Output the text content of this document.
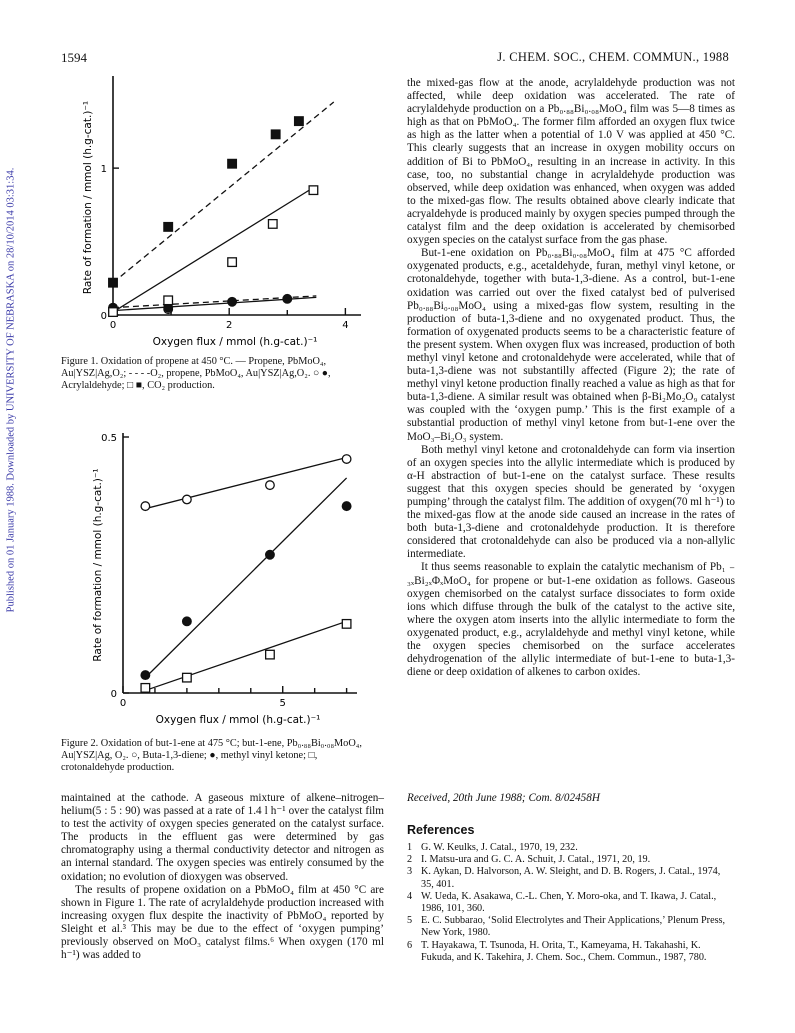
Published on 01 January 1988. Downloaded by UNIVERSITY OF NEBRASKA on 28/10/2014 03:31:34.
1594	J. CHEM. SOC., CHEM. COMMUN., 1988
0	2	4
0
1
Oxygen flux / mmol (h.g-cat.)⁻¹
Rate of formation / mmol (h.g-cat.)⁻¹
Figure 1. Oxidation of propene at 450 °C. — Propene, PbMoO₄, Au|YSZ|Ag,O₂; - - - -O₂, propene, PbMoO₄, Au|YSZ|Ag,O₂. ○ ●, Acrylaldehyde; □ ■, CO₂ production.
0	5
0
0.5
Oxygen flux / mmol (h.g-cat.)⁻¹
Rate of formation / mmol (h.g-cat.)⁻¹
Figure 2. Oxidation of but-1-ene at 475 °C; but-1-ene, Pb₀.₈₈Bi₀.₀₈MoO₄, Au|YSZ|Ag, O₂. ○, Buta-1,3-diene; ●, methyl vinyl ketone; □, crotonaldehyde production.

maintained at the cathode. A gaseous mixture of alkene–nitrogen–helium(5 : 5 : 90) was passed at a rate of 1.4 l h⁻¹ over the catalyst film to test the activity of oxygen species generated on the catalyst surface. The products in the effluent gas were determined by gas chromatography using a thermal conductivity detector and nitrogen as an internal standard. The oxygen species was entirely consumed by the oxidation; no evolution of dioxygen was observed.

The results of propene oxidation on a PbMoO₄ film at 450 °C are shown in Figure 1. The rate of acrylaldehyde production increased with increasing oxygen flux despite the inactivity of PbMoO₄ reported by Sleight et al.³ This may be due to the effect of ‘oxygen pumping’ previously observed on MoO₃ catalyst films.⁶ When oxygen (170 ml h⁻¹) was added to

the mixed-gas flow at the anode, acrylaldehyde production was not affected, while deep oxidation was accelerated. The rate of acrylaldehyde production on a Pb₀.₈₈Bi₀.₀₈MoO₄ film was 5—8 times as high as that on PbMoO₄. The former film afforded an oxygen flux twice as high as the latter when a potential of 1.0 V was applied at 450 °C. This clearly suggests that an increase in oxygen mobility occurs on addition of Bi to PbMoO₄, resulting in an increase in activity. In this case, too, no substantial change in acrylaldehyde production was observed, while deep oxidation was enhanced, when oxygen was added to the mixed-gas flow. The results obtained above clearly indicate that acryaldehyde is produced mainly by oxygen species pumped through the catalyst film and the deep oxidation is accelerated by chemisorbed oxygen species on the catalyst surface from the gas phase.

But-1-ene oxidation on Pb₀.₈₈Bi₀.₀₈MoO₄ film at 475 °C afforded oxygenated products, e.g., acetaldehyde, furan, methyl vinyl ketone, or crotonaldehyde, together with buta-1,3-diene. As a control, but-1-ene oxidation was carried out over the fixed catalyst bed of pulverised Pb₀.₈₈Bi₀.₀₈MoO₄ using a mixed-gas flow system, resulting in the production of buta-1,3-diene and no oxygenated product. Thus, the formation of oxygenated products seems to be a characteristic feature of the present system. When oxygen flux was increased, production of both methyl vinyl ketone and crotonaldehyde were accelerated, while that of buta-1,3-diene was not substantilly affected (Figure 2); the rate of methyl vinyl ketone production finally reached a value as high as that for buta-1,3-diene. A similar result was obtained when β-Bi₂Mo₂O₉ catalyst was coupled with the ‘oxygen pump.’ This is the first example of a substantial production of methyl vinyl ketone from but-1-ene over the MoO₃–Bi₂O₃ system.

Both methyl vinyl ketone and crotonaldehyde can form via insertion of an oxygen species into the allylic intermediate which is produced by α-H abstraction of but-1-ene on the catalyst surface. These results suggest that this oxygen species should be generated by ‘oxygen pumping’ through the catalyst film. The addition of oxygen(70 ml h⁻¹) to the mixed-gas flow at the anode side caused an increase in the rates of both buta-1,3-diene and crotonaldehyde production. It is therefore considered that crotonaldehyde can also be produced via a non-allylic intermediate.

It thus seems reasonable to explain the catalytic mechanism of Pb₁ ₋ ₃ₓBi₂ₓΦₓMoO₄ for propene or but-1-ene oxidation as follows. Gaseous oxygen chemisorbed on the catalyst surface dissociates to form oxide ions which diffuse through the bulk of the catalyst to the active site, where the oxygen atom inserts into the allylic intermediate to form the oxygenated product, e.g., acrylaldehyde and methyl vinyl ketone, while the oxygen species chemisorbed on the surface accelerates dehydrogenation of the allylic intermediate of but-1-ene to buta-1,3-diene or deep oxidation of alkenes to carbon oxides.

Received, 20th June 1988; Com. 8/02458H
References
1 G. W. Keulks, J. Catal., 1970, 19, 232.
2 I. Matsu-ura and G. C. A. Schuit, J. Catal., 1971, 20, 19.
3 K. Aykan, D. Halvorson, A. W. Sleight, and D. B. Rogers, J. Catal., 1974, 35, 401.
4 W. Ueda, K. Asakawa, C.-L. Chen, Y. Moro-oka, and T. Ikawa, J. Catal., 1986, 101, 360.
5 E. C. Subbarao, ‘Solid Electrolytes and Their Applications,’ Plenum Press, New York, 1980.
6 T. Hayakawa, T. Tsunoda, H. Orita, T., Kameyama, H. Takahashi, K. Fukuda, and K. Takehira, J. Chem. Soc., Chem. Commun., 1987, 780.
